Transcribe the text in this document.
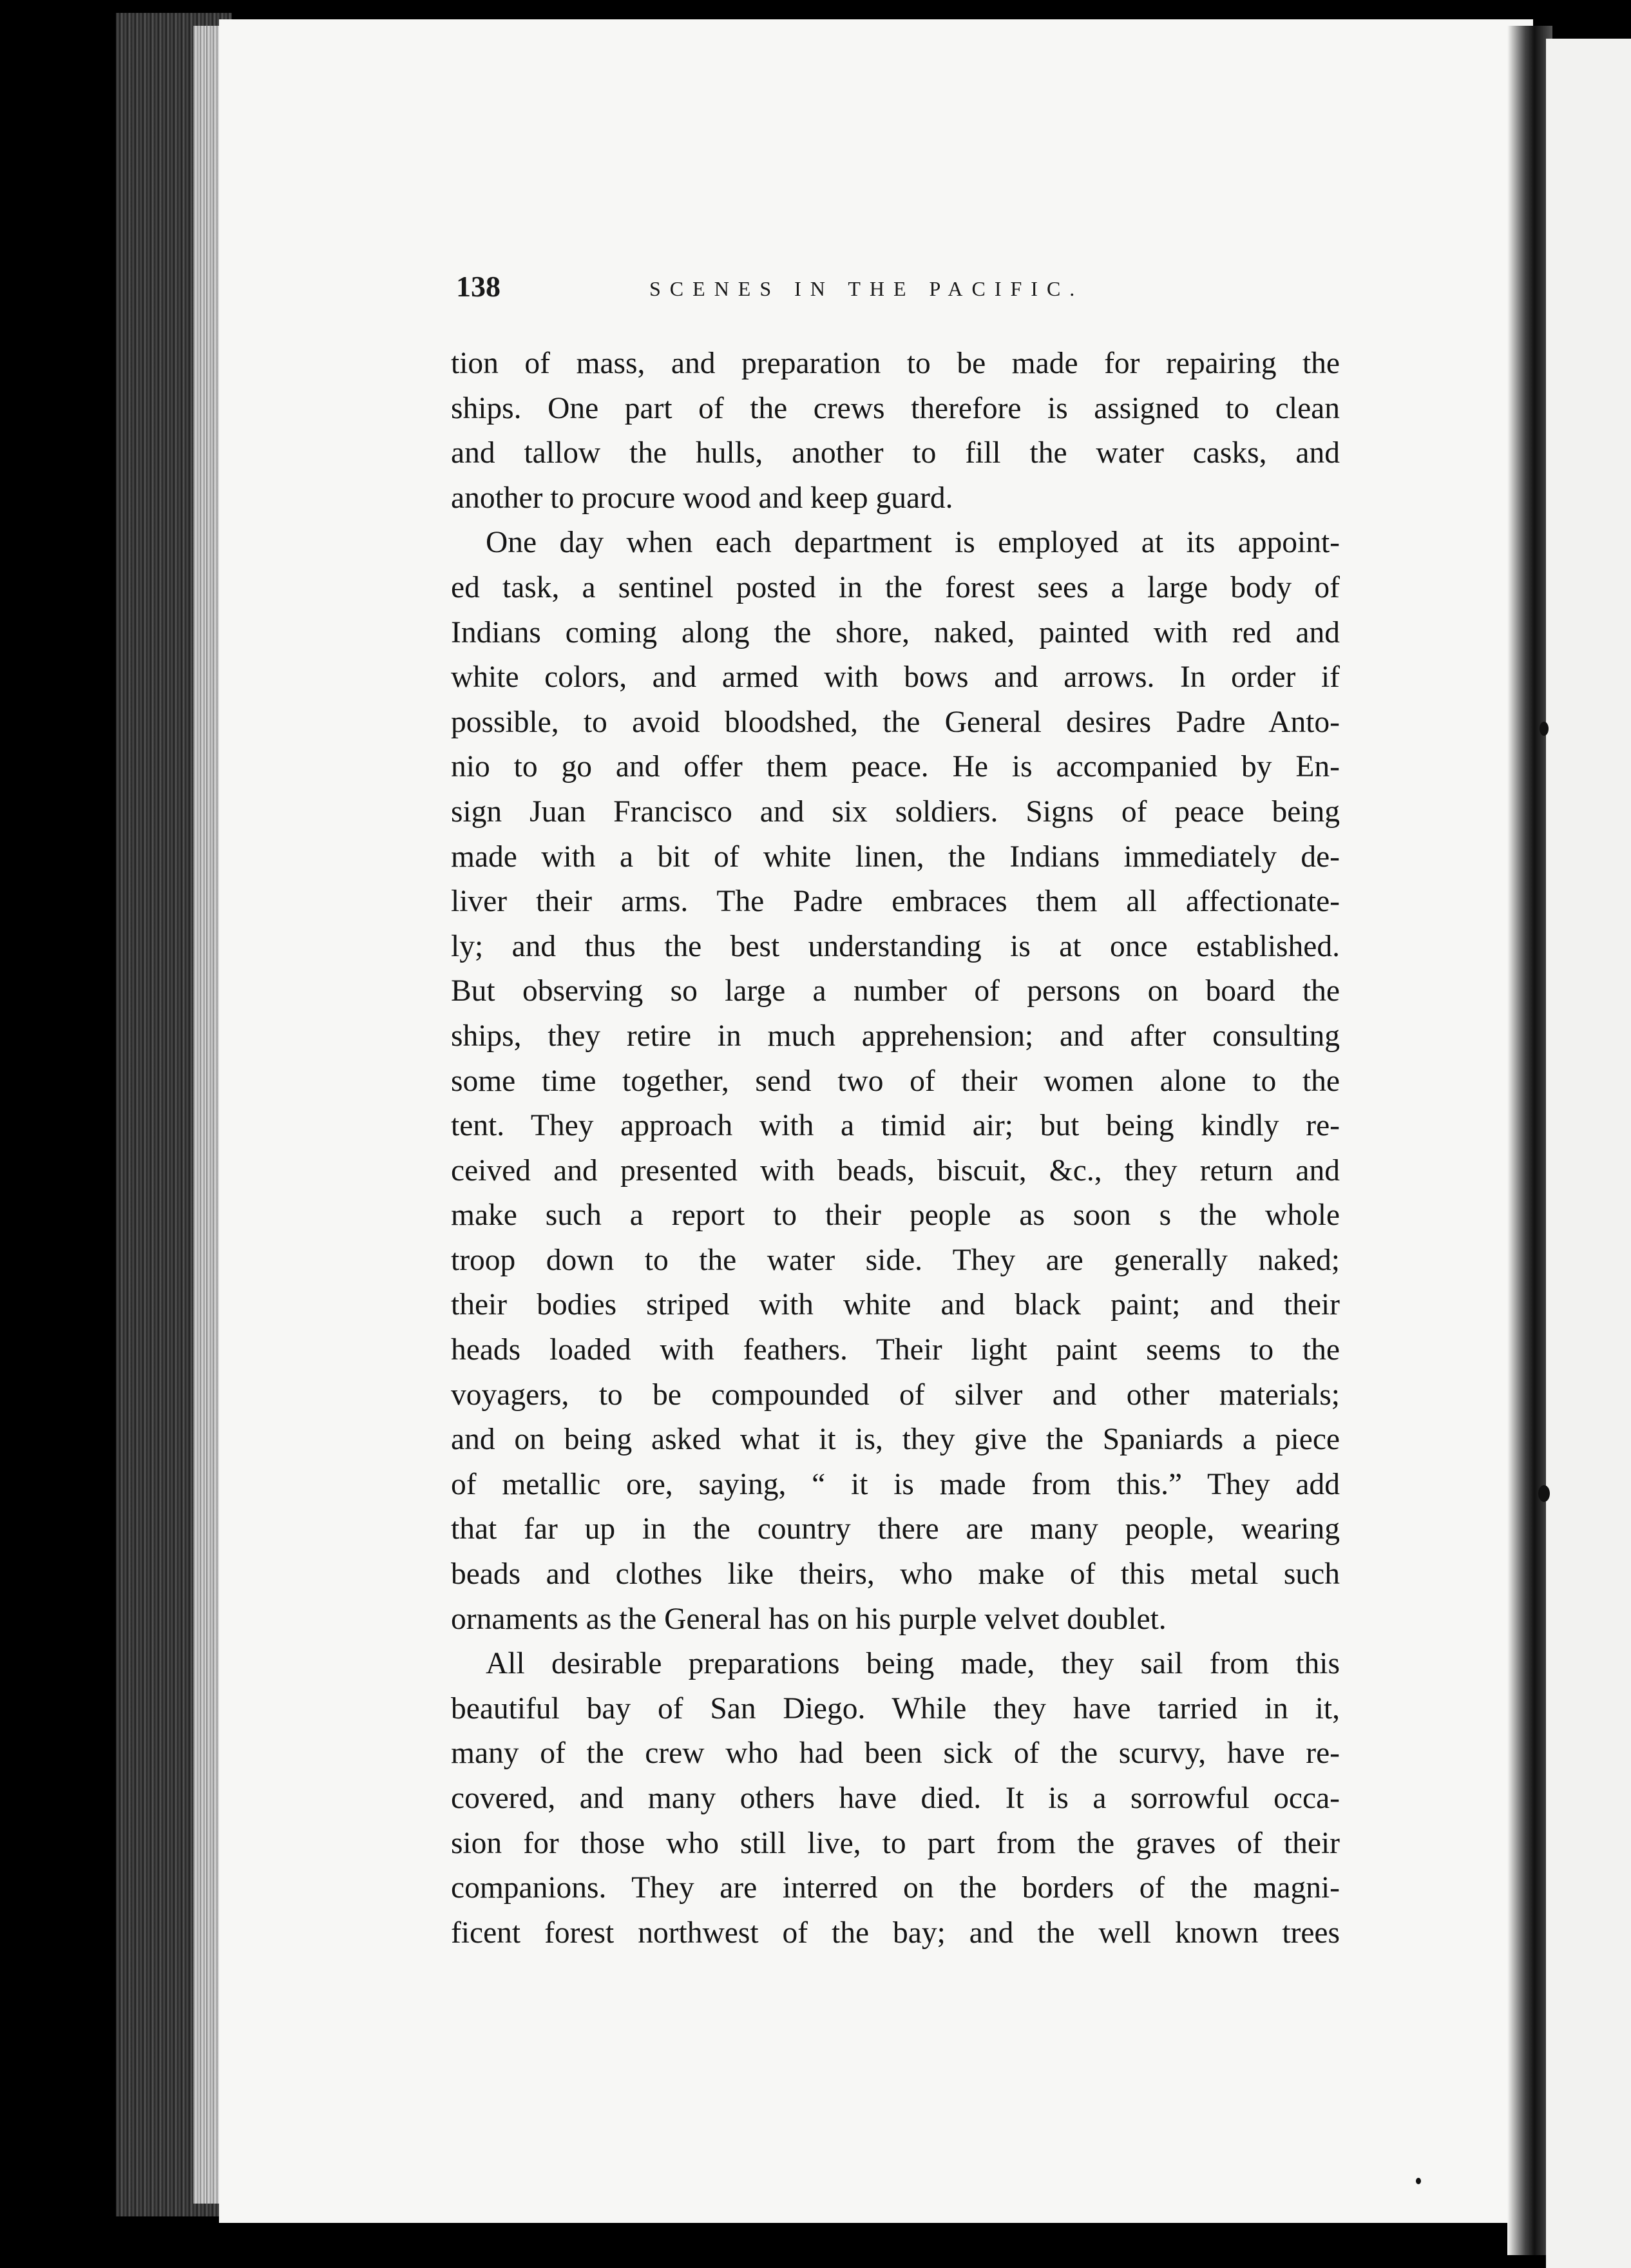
138	SCENES IN THE PACIFIC.
tion of mass, and preparation to be made for repairing the
ships. One part of the crews therefore is assigned to clean
and tallow the hulls, another to fill the water casks, and
another to procure wood and keep guard.
One day when each department is employed at its appoint-
ed task, a sentinel posted in the forest sees a large body of
Indians coming along the shore, naked, painted with red and
white colors, and armed with bows and arrows. In order if
possible, to avoid bloodshed, the General desires Padre Anto-
nio to go and offer them peace. He is accompanied by En-
sign Juan Francisco and six soldiers. Signs of peace being
made with a bit of white linen, the Indians immediately de-
liver their arms. The Padre embraces them all affectionate-
ly; and thus the best understanding is at once established.
But observing so large a number of persons on board the
ships, they retire in much apprehension; and after consulting
some time together, send two of their women alone to the
tent. They approach with a timid air; but being kindly re-
ceived and presented with beads, biscuit, &c., they return and
make such a report to their people as soon s the whole
troop down to the water side. They are generally naked;
their bodies striped with white and black paint; and their
heads loaded with feathers. Their light paint seems to the
voyagers, to be compounded of silver and other materials;
and on being asked what it is, they give the Spaniards a piece
of metallic ore, saying, “ it is made from this.” They add
that far up in the country there are many people, wearing
beads and clothes like theirs, who make of this metal such
ornaments as the General has on his purple velvet doublet.
All desirable preparations being made, they sail from this
beautiful bay of San Diego. While they have tarried in it,
many of the crew who had been sick of the scurvy, have re-
covered, and many others have died. It is a sorrowful occa-
sion for those who still live, to part from the graves of their
companions. They are interred on the borders of the magni-
ficent forest northwest of the bay; and the well known trees
